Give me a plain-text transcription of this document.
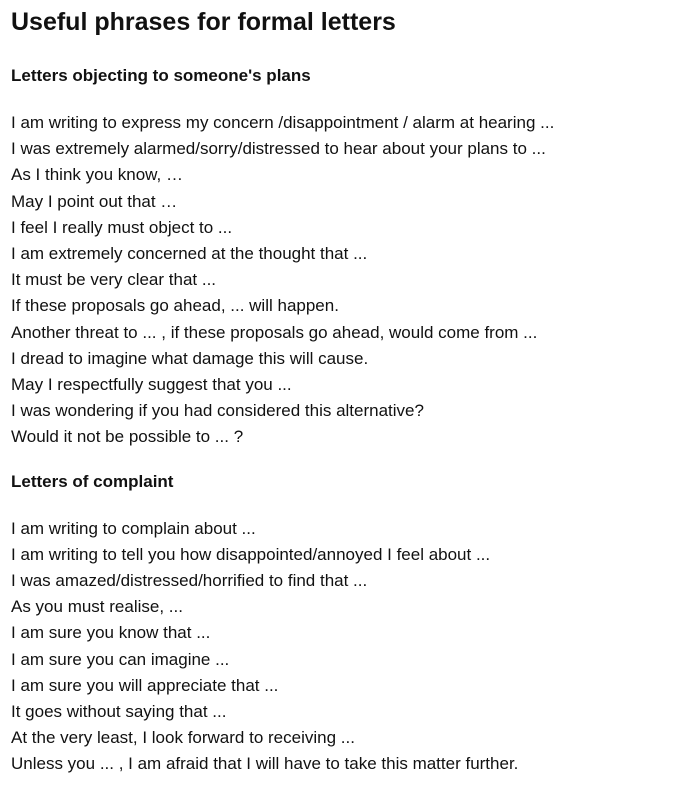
Useful phrases for formal letters
Letters objecting to someone's plans
I am writing to express my concern /disappointment / alarm at hearing ...
I was extremely alarmed/sorry/distressed to hear about your plans to ...
As I think you know, …
May I point out that …
I feel I really must object to ...
I am extremely concerned at the thought that ...
It must be very clear that ...
If these proposals go ahead, ... will happen.
Another threat to ... , if these proposals go ahead, would come from ...
I dread to imagine what damage this will cause.
May I respectfully suggest that you ...
I was wondering if you had considered this alternative?
Would it not be possible to ... ?
Letters of complaint
I am writing to complain about ...
I am writing to tell you how disappointed/annoyed I feel about ...
I was amazed/distressed/horrified to find that ...
As you must realise, ...
I am sure you know that ...
I am sure you can imagine ...
I am sure you will appreciate that ...
It goes without saying that ...
At the very least, I look forward to receiving ...
Unless you ... , I am afraid that I will have to take this matter further.
